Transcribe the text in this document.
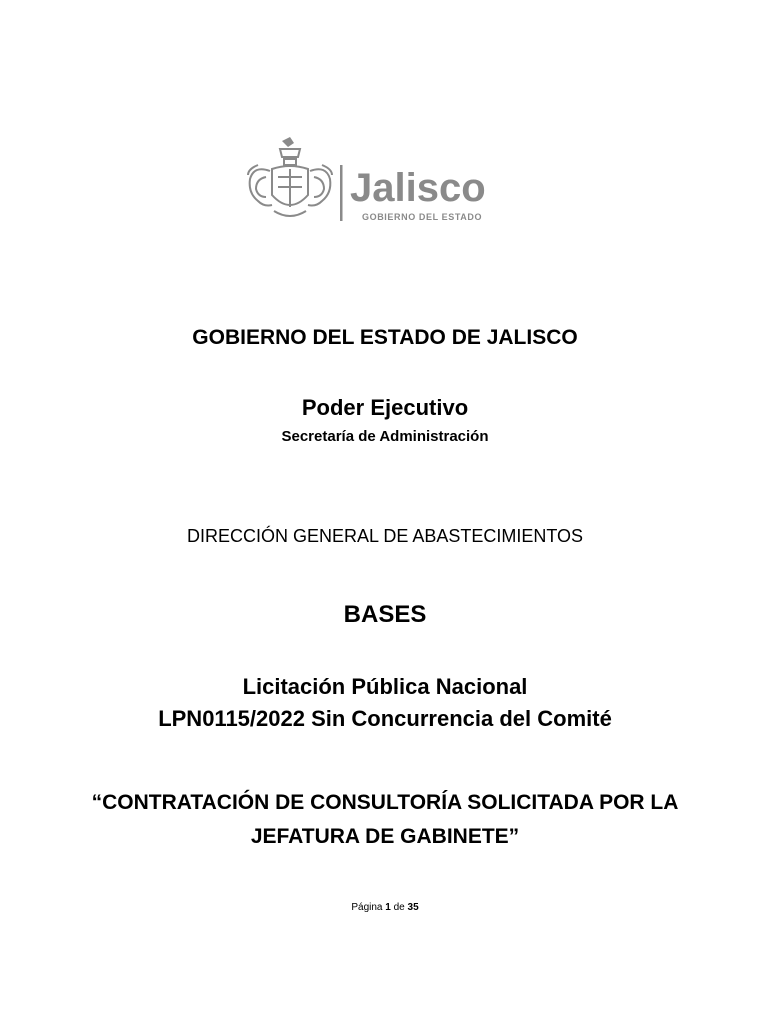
Jalisco
GOBIERNO DEL ESTADO
GOBIERNO DEL ESTADO DE JALISCO
Poder Ejecutivo
Secretaría de Administración
DIRECCIÓN GENERAL DE ABASTECIMIENTOS
BASES
Licitación Pública Nacional
LPN0115/2022 Sin Concurrencia del Comité
“CONTRATACIÓN DE CONSULTORÍA SOLICITADA POR LA
JEFATURA DE GABINETE”
Página 1 de 35
